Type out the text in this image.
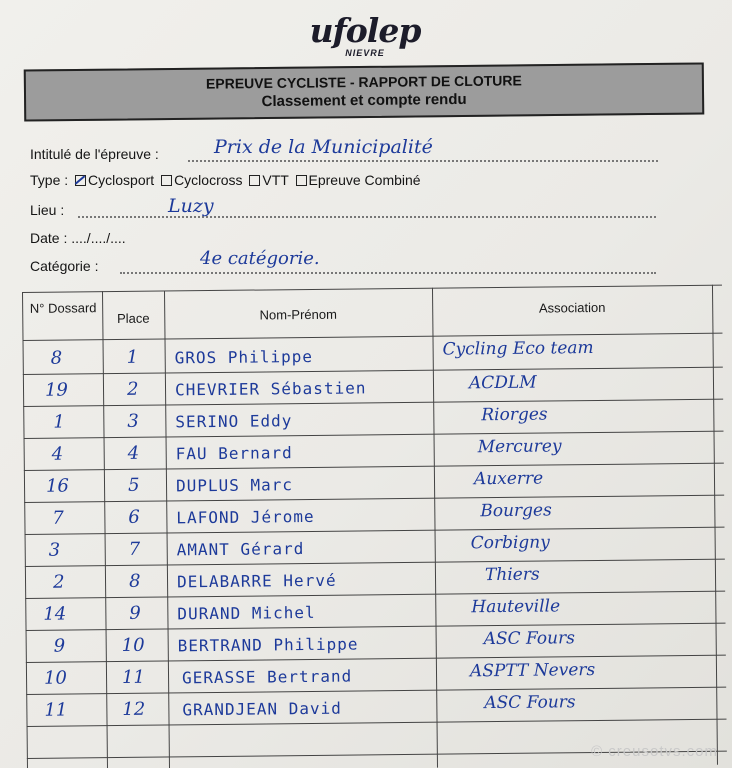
ufolep
NIEVRE
EPREUVE CYCLISTE - RAPPORT DE CLOTURE
Classement et compte rendu
Intitulé de l'épreuve :	Prix de la Municipalité
Type : Cyclosport Cyclocross VTT Epreuve Combiné
Lieu :	Luzy
Date : ..../..../....
Catégorie :	4e catégorie.
N° Dossard
Place	Nom-Prénom	Association
8	1 GROS Philippe	Cycling Eco team
19	2 CHEVRIER Sébastien	ACDLM
1	3 SERINO Eddy	Riorges
4	4 FAU Bernard	Mercurey
16	5 DUPLUS Marc	Auxerre
7	6 LAFOND Jérome	Bourges
3	7 AMANT Gérard	Corbigny
2	8 DELABARRE Hervé	Thiers
14	9 DURAND Michel	Hauteville
9	10 BERTRAND Philippe	ASC Fours
10	11 GERASSE Bertrand	ASPTT Nevers
11	12 GRANDJEAN David	ASC Fours
© creusotvs.com
